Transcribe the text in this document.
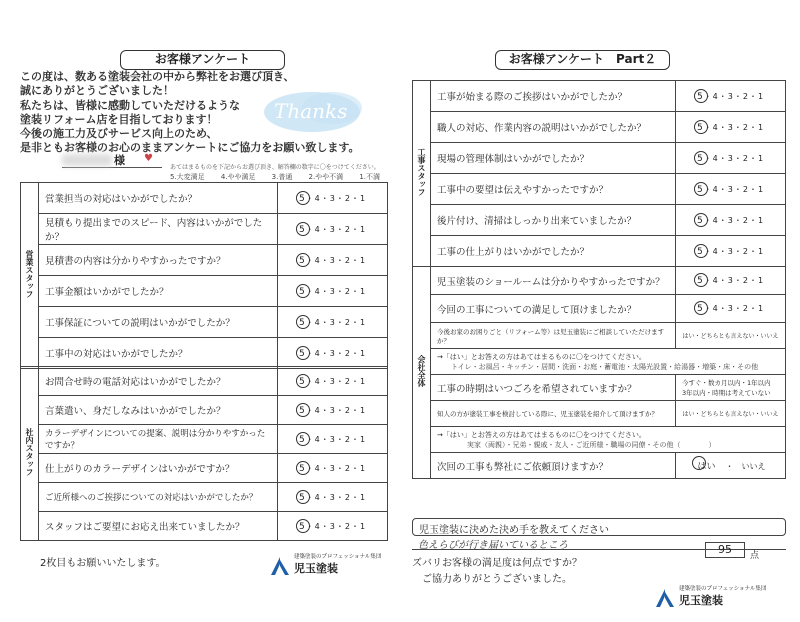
お客様アンケート
この度は、数ある塗装会社の中から弊社をお選び頂き、
誠にありがとうございました！
私たちは、皆様に感動していただけるような
塗装リフォーム店を目指しております！
今後の施工力及びサービス向上のため、
是非ともお客様のお心のままアンケートにご協力をお願い致します。
Thanks
様 ♥
あてはまるものを下記からお選び頂き、解答欄の数字に〇をつけてください。
5.大変満足 4.やや満足 3.普通 2.やや不満 1.不満
営業スタッフ	営業担当の対応はいかがでしたか？	5・4・3・2・1
	見積もり提出までのスピード、内容はいかがでしたか？	5・4・3・2・1
	見積書の内容は分かりやすかったですか？	5・4・3・2・1
	工事金額はいかがでしたか？	5・4・3・2・1
	工事保証についての説明はいかがでしたか？	5・4・3・2・1
	工事中の対応はいかがでしたか？	5・4・3・2・1
社内スタッフ	お問合せ時の電話対応はいかがでしたか？	5・4・3・2・1
	言葉遣い、身だしなみはいかがでしたか？	5・4・3・2・1
	カラーデザインについての提案、説明は分かりやすかったですか？	5・4・3・2・1
	仕上がりのカラーデザインはいかがですか？	5・4・3・2・1
	ご近所様へのご挨拶についての対応はいかがでしたか？	5・4・3・2・1
	スタッフはご要望にお応え出来ていましたか？	5・4・3・2・1
2枚目もお願いいたします。
建築塗装のプロフェッショナル集団
児玉塗装
お客様アンケート　Part２
工事スタッフ	工事が始まる際のご挨拶はいかがでしたか？	5・4・3・2・1
	職人の対応、作業内容の説明はいかがでしたか？	5・4・3・2・1
	現場の管理体制はいかがでしたか？	5・4・3・2・1
	工事中の要望は伝えやすかったですか？	5・4・3・2・1
	後片付け、清掃はしっかり出来ていましたか？	5・4・3・2・1
	工事の仕上がりはいかがでしたか？	5・4・3・2・1
会社全体	児玉塗装のショールームは分かりやすかったですか？	5・4・3・2・1
	今回の工事についての満足して頂けましたか？	5・4・3・2・1
	今後お家のお困りごと（リフォーム等）は児玉塗装にご相談していただけますか？	はい・どちらとも言えない・いいえ

	→「はい」とお答えの方はあてはまるものに〇をつけてください。
トイレ・お風呂・キッチン・居間・洗面・お庭・蓄電池・太陽光設置・給湯器・増築・床・その他	

	工事の時期はいつごろを希望されていますか？	今すぐ・数カ月以内・1年以内
3年以内・時期は考えていない

	知人の方が塗装工事を検討している際に、児玉塗装を紹介して頂けますか？	はい・どちらとも言えない・いいえ

	→「はい」とお答えの方はあてはまるものに〇をつけてください。
実家（両親）・兄弟・親戚・友人・ご近所様・職場の同僚・その他（　　　　）	

	次回の工事も弊社にご依頼頂けますか？	はい　・　いいえ
児玉塗装に決めた決め手を教えてください
色えらびが行き届いているところ
ズバリお客様の満足度は何点ですか？
95	点
ご協力ありがとうございました。
建築塗装のプロフェッショナル集団
児玉塗装
